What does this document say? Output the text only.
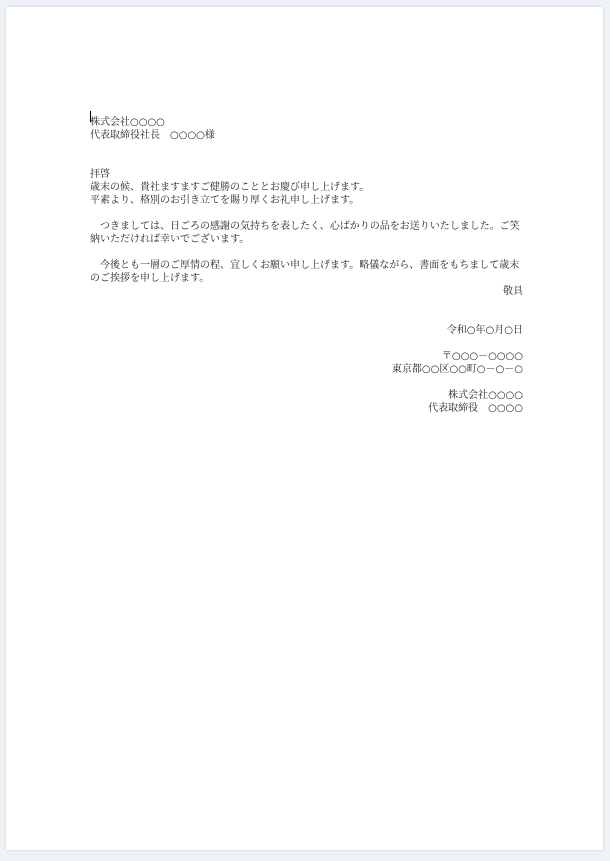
株式会社○○○○
代表取締役社長　○○○○様
拝啓
歳末の候、貴社ますますご健勝のこととお慶び申し上げます。
平素より、格別のお引き立てを賜り厚くお礼申し上げます。
つきましては、日ごろの感謝の気持ちを表したく、心ばかりの品をお送りいたしました。ご笑納いただければ幸いでございます。
今後とも一層のご厚情の程、宜しくお願い申し上げます。略儀ながら、書面をもちまして歳末のご挨拶を申し上げます。
敬具
令和○年○月○日
〒○○○－○○○○
東京都○○区○○町○－○－○
株式会社○○○○
代表取締役　○○○○
